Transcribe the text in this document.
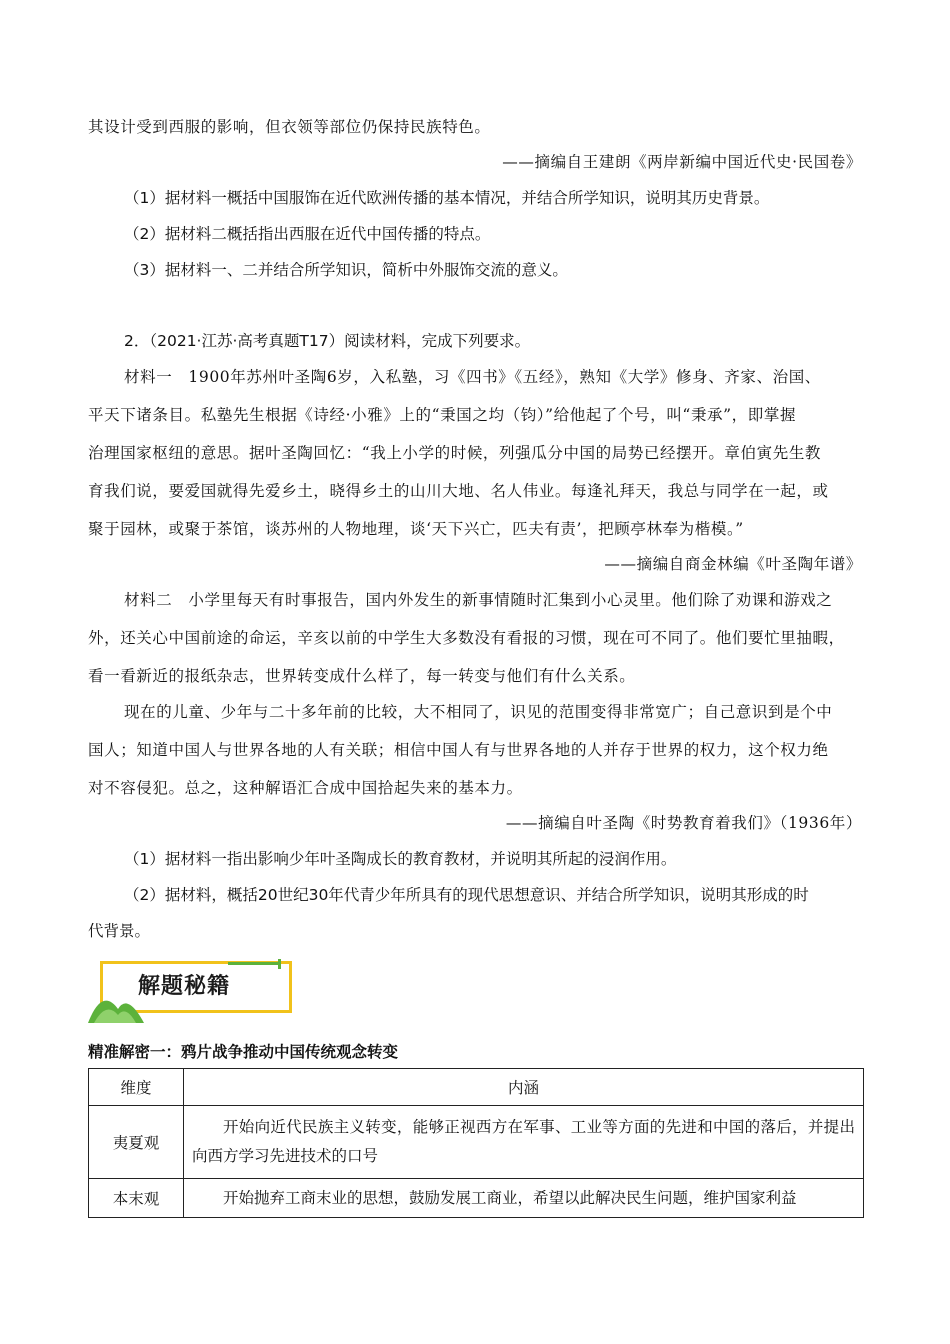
其设计受到西服的影响，但衣领等部位仍保持民族特色。
——摘编自王建朗《两岸新编中国近代史·民国卷》
（1）据材料一概括中国服饰在近代欧洲传播的基本情况，并结合所学知识，说明其历史背景。
（2）据材料二概括指出西服在近代中国传播的特点。
（3）据材料一、二并结合所学知识，简析中外服饰交流的意义。
2．（2021·江苏·高考真题T17）阅读材料，完成下列要求。
材料一　1900年苏州叶圣陶6岁，入私塾，习《四书》《五经》，熟知《大学》修身、齐家、治国、
平天下诸条目。私塾先生根据《诗经·小雅》上的“秉国之均（钧）”给他起了个号，叫“秉承”，即掌握
治理国家枢纽的意思。据叶圣陶回忆：“我上小学的时候，列强瓜分中国的局势已经摆开。章伯寅先生教
育我们说，要爱国就得先爱乡土，晓得乡土的山川大地、名人伟业。每逢礼拜天，我总与同学在一起，或
聚于园林，或聚于茶馆，谈苏州的人物地理，谈‘天下兴亡，匹夫有责’，把顾亭林奉为楷模。”
——摘编自商金林编《叶圣陶年谱》
材料二　小学里每天有时事报告，国内外发生的新事情随时汇集到小心灵里。他们除了劝课和游戏之
外，还关心中国前途的命运，辛亥以前的中学生大多数没有看报的习惯，现在可不同了。他们要忙里抽暇，
看一看新近的报纸杂志，世界转变成什么样了，每一转变与他们有什么关系。
现在的儿童、少年与二十多年前的比较，大不相同了，识见的范围变得非常宽广；自己意识到是个中
国人；知道中国人与世界各地的人有关联；相信中国人有与世界各地的人并存于世界的权力，这个权力绝
对不容侵犯。总之，这种解语汇合成中国拾起失来的基本力。
——摘编自叶圣陶《时势教育着我们》（1936年）
（1）据材料一指出影响少年叶圣陶成长的教育教材，并说明其所起的浸润作用。
（2）据材料，概括20世纪30年代青少年所具有的现代思想意识、并结合所学知识，说明其形成的时
代背景。
解题秘籍
精准解密一：鸦片战争推动中国传统观念转变
维度	内涵
夷夏观	开始向近代民族主义转变，能够正视西方在军事、工业等方面的先进和中国的落后，并提出向西方学习先进技术的口号

本末观	开始抛弃工商末业的思想，鼓励发展工商业，希望以此解决民生问题，维护国家利益
